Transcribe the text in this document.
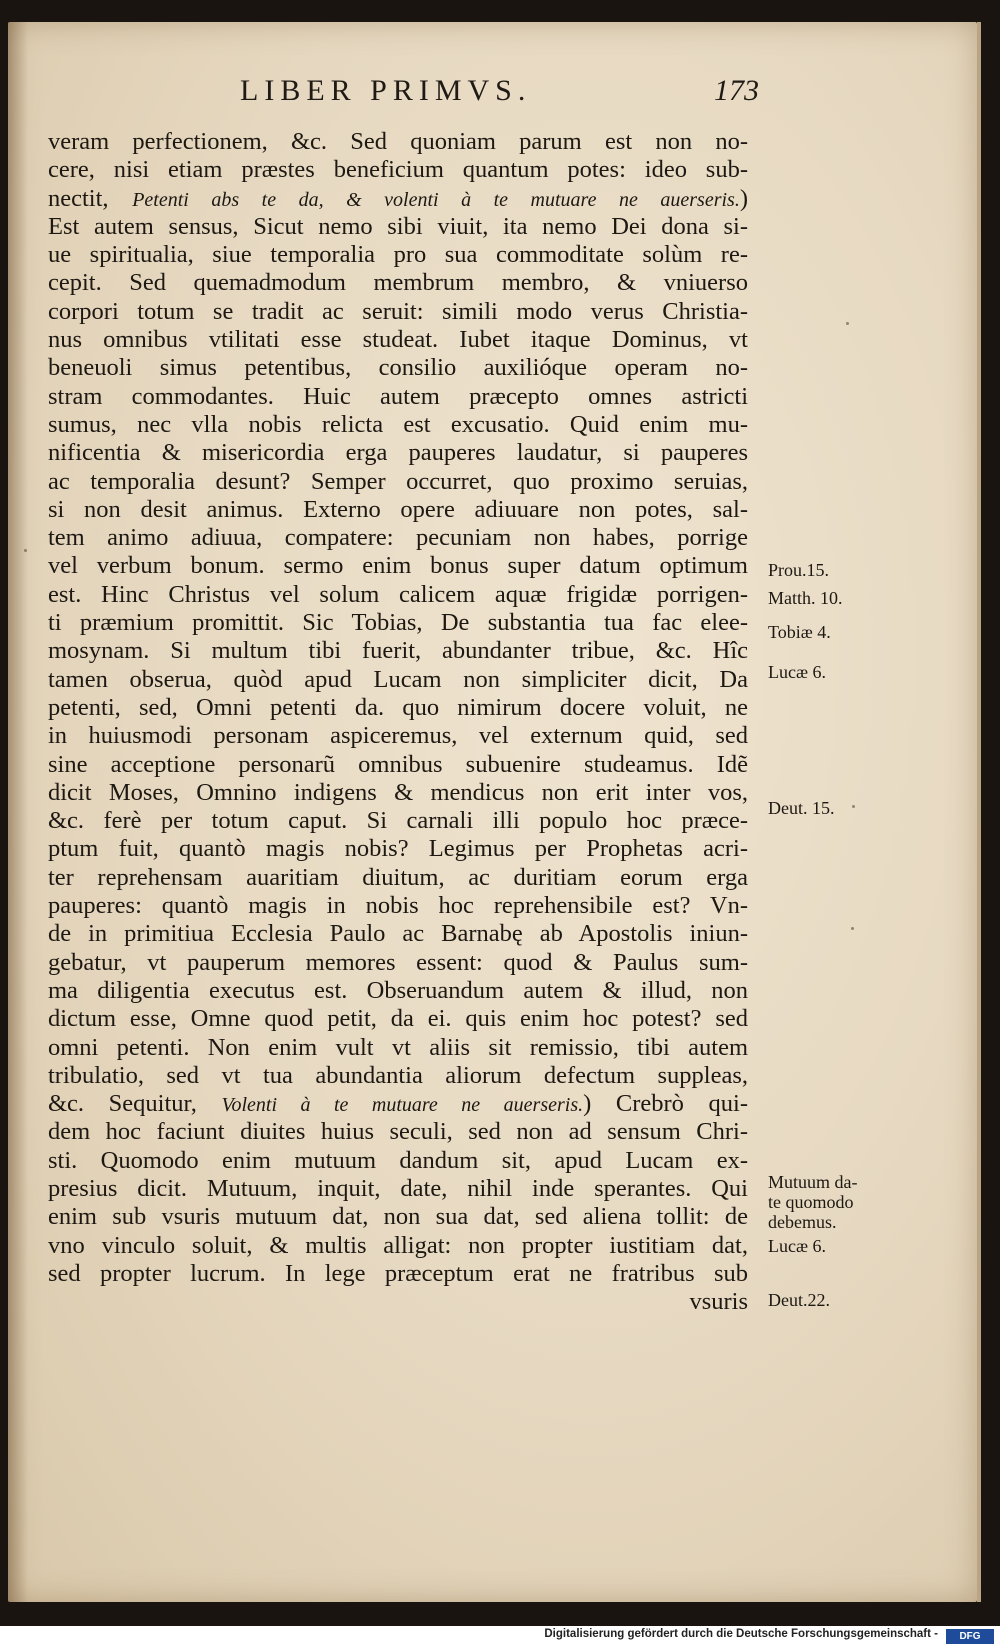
LIBER PRIMVS.	173
veram perfectionem, &c. Sed quoniam parum est non no-
cere, nisi etiam præstes beneficium quantum potes: ideo sub-
nectit, Petenti abs te da, & volenti à te mutuare ne auerseris.)
Est autem sensus, Sicut nemo sibi viuit, ita nemo Dei dona si-
ue spiritualia, siue temporalia pro sua commoditate solùm re-
cepit. Sed quemadmodum membrum membro, & vniuerso
corpori totum se tradit ac seruit: simili modo verus Christia-
nus omnibus vtilitati esse studeat. Iubet itaque Dominus, vt
beneuoli simus petentibus, consilio auxilióque operam no-
stram commodantes. Huic autem præcepto omnes astricti
sumus, nec vlla nobis relicta est excusatio. Quid enim mu-
nificentia & misericordia erga pauperes laudatur, si pauperes
ac temporalia desunt? Semper occurret, quo proximo seruias,
si non desit animus. Externo opere adiuuare non potes, sal-
tem animo adiuua, compatere: pecuniam non habes, porrige
vel verbum bonum. sermo enim bonus super datum optimum
est. Hinc Christus vel solum calicem aquæ frigidæ porrigen-
ti præmium promittit. Sic Tobias, De substantia tua fac elee-
mosynam. Si multum tibi fuerit, abundanter tribue, &c. Hîc
tamen obserua, quòd apud Lucam non simpliciter dicit, Da
petenti, sed, Omni petenti da. quo nimirum docere voluit, ne
in huiusmodi personam aspiceremus, vel externum quid, sed
sine acceptione personarũ omnibus subuenire studeamus. Idẽ
dicit Moses, Omnino indigens & mendicus non erit inter vos,
&c. ferè per totum caput. Si carnali illi populo hoc præce-
ptum fuit, quantò magis nobis? Legimus per Prophetas acri-
ter reprehensam auaritiam diuitum, ac duritiam eorum erga
pauperes: quantò magis in nobis hoc reprehensibile est? Vn-
de in primitiua Ecclesia Paulo ac Barnabę ab Apostolis iniun-
gebatur, vt pauperum memores essent: quod & Paulus sum-
ma diligentia executus est. Obseruandum autem & illud, non
dictum esse, Omne quod petit, da ei. quis enim hoc potest? sed
omni petenti. Non enim vult vt aliis sit remissio, tibi autem
tribulatio, sed vt tua abundantia aliorum defectum suppleas,
&c. Sequitur, Volenti à te mutuare ne auerseris.) Crebrò qui-
dem hoc faciunt diuites huius seculi, sed non ad sensum Chri-
sti. Quomodo enim mutuum dandum sit, apud Lucam ex-
presius dicit. Mutuum, inquit, date, nihil inde sperantes. Qui
enim sub vsuris mutuum dat, non sua dat, sed aliena tollit: de
vno vinculo soluit, & multis alligat: non propter iustitiam dat,
sed propter lucrum. In lege præceptum erat ne fratribus sub
vsuris
Prou.15.
Matth. 10.
Tobiæ 4.
Lucæ 6.
Deut. 15.
Mutuum da-
te quomodo
debemus.
Lucæ 6.
Deut.22.
Digitalisierung gefördert durch die Deutsche Forschungsgemeinschaft -	DFG
